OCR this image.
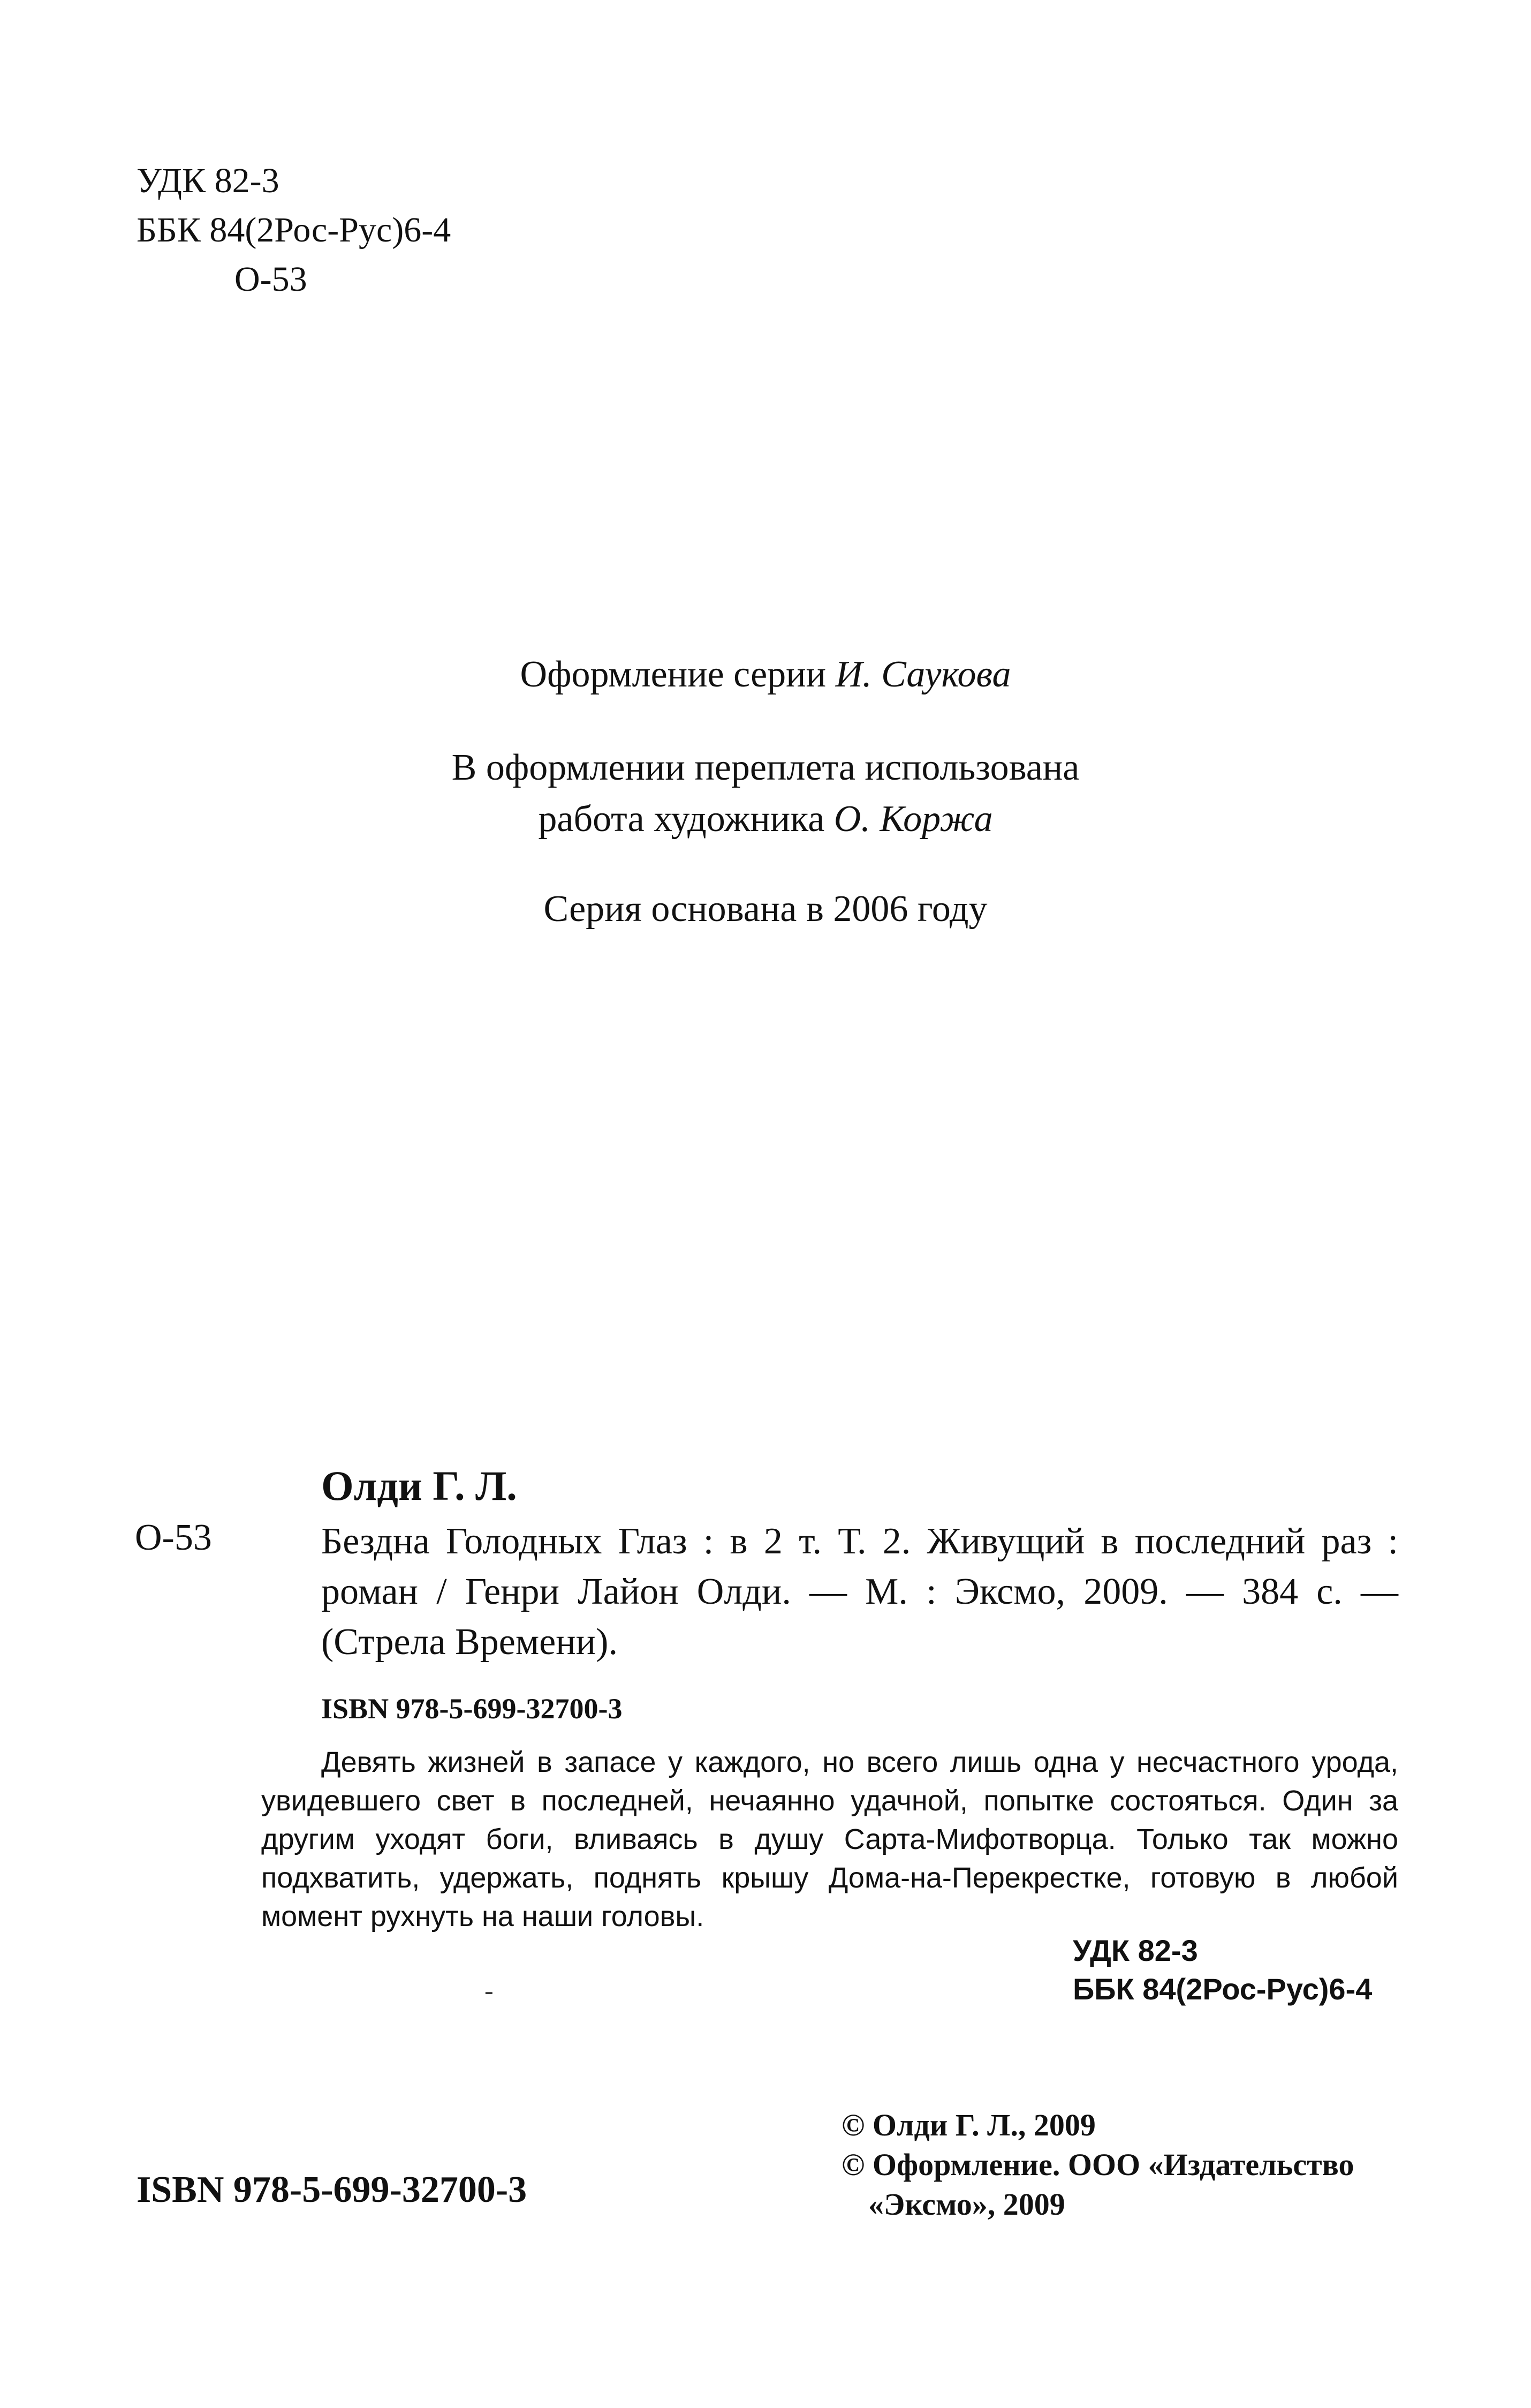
УДК 82-3
ББК 84(2Рос-Рус)6-4
О-53
Оформление серии И. Саукова
В оформлении переплета использована
работа художника О. Коржа
Серия основана в 2006 году
Олди Г. Л.
О-53	Бездна Голодных Глаз : в 2 т. Т. 2. Живущий в последний раз : роман / Генри Лайон Олди. — М. : Эксмо, 2009. — 384 с. — (Стрела Времени).
ISBN 978-5-699-32700-3
Девять жизней в запасе у каждого, но всего лишь одна у несчастного урода, увидевшего свет в последней, нечаянно удачной, попытке состояться. Один за другим уходят боги, вливаясь в душу Сарта-Мифотворца. Только так можно подхватить, удержать, поднять крышу Дома-на-Перекрестке, готовую в любой момент рухнуть на наши головы.
-
УДК 82-3
ББК 84(2Рос-Рус)6-4
© Олди Г. Л., 2009
© Оформление. ООО «Издательство
«Эксмо», 2009
ISBN 978-5-699-32700-3
